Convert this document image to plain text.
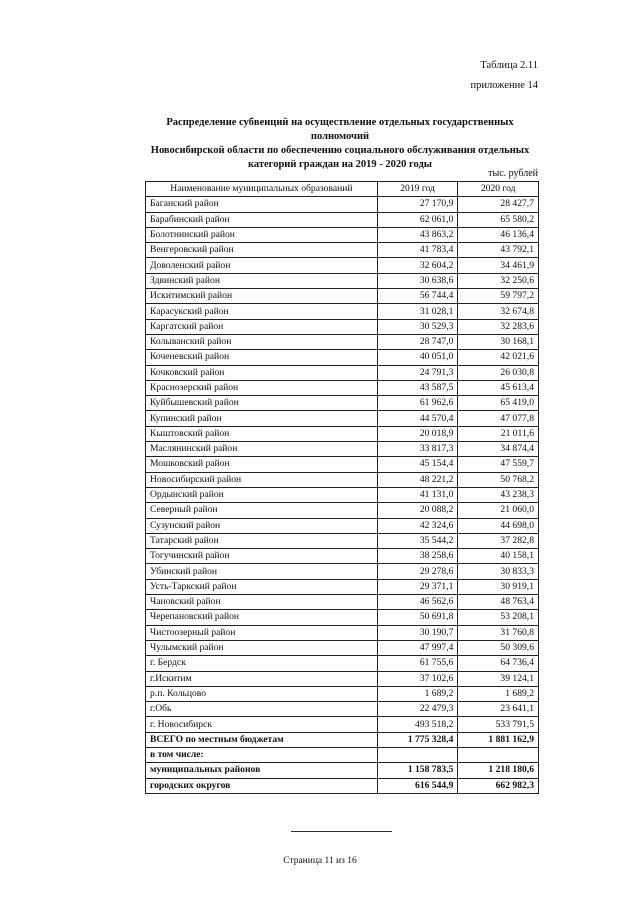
Таблица 2.11
приложение 14
Распределение субвенций на осуществление отдельных государственных полномочий
Новосибирской области по обеспечению социального обслуживания отдельных
категорий граждан на 2019 - 2020 годы
тыс. рублей
Наименование муниципальных образований	2019 год	2020 год
Баганский район	27 170,9	28 427,7
Барабинский район	62 061,0	65 580,2
Болотнинский район	43 863,2	46 136,4
Венгеровский район	41 783,4	43 792,1
Доволенский район	32 604,2	34 461,9
Здвинский район	30 638,6	32 250,6
Искитимский район	56 744,4	59 797,2
Карасукский район	31 028,1	32 674,8
Каргатский район	30 529,3	32 283,6
Колыванский район	28 747,0	30 168,1
Коченевский район	40 051,0	42 021,6
Кочковский район	24 791,3	26 030,8
Краснозерский район	43 587,5	45 613,4
Куйбышевский район	61 962,6	65 419,0
Купинский район	44 570,4	47 077,8
Кыштовский район	20 018,9	21 011,6
Маслянинский район	33 817,3	34 874,4
Мошковский район	45 154,4	47 559,7
Новосибирский район	48 221,2	50 768,2
Ордынский район	41 131,0	43 238,3
Северный район	20 088,2	21 060,0
Сузунский район	42 324,6	44 698,0
Татарский район	35 544,2	37 282,8
Тогучинский район	38 258,6	40 158,1
Убинский район	29 278,6	30 833,3
Усть-Таркский район	29 371,1	30 919,1
Чановский район	46 562,6	48 763,4
Черепановский район	50 691,8	53 208,1
Чистоозерный район	30 190,7	31 760,8
Чулымский район	47 997,4	50 309,6
г. Бердск	61 755,6	64 736,4
г.Искитим	37 102,6	39 124,1
р.п. Кольцово	1 689,2	1 689,2
г.Обь	22 479,3	23 641,1
г. Новосибирск	493 518,2	533 791,5
ВСЕГО по местным бюджетам	1 775 328,4	1 881 162,9
в том числе:		
муниципальных районов	1 158 783,5	1 218 180,6
городских округов	616 544,9	662 982,3
Страница 11 из 16
